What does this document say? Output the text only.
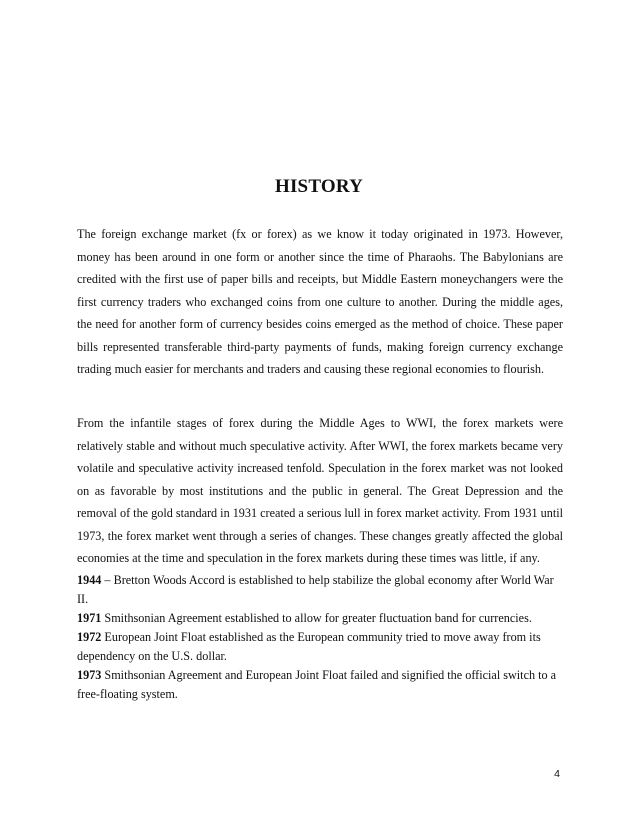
HISTORY

The foreign exchange market (fx or forex) as we know it today originated in 1973. However, money has been around in one form or another since the time of Pharaohs. The Babylonians are credited with the first use of paper bills and receipts, but Middle Eastern moneychangers were the first currency traders who exchanged coins from one culture to another. During the middle ages, the need for another form of currency besides coins emerged as the method of choice. These paper bills represented transferable third-party payments of funds, making foreign currency exchange trading much easier for merchants and traders and causing these regional economies to flourish.

From the infantile stages of forex during the Middle Ages to WWI, the forex markets were relatively stable and without much speculative activity. After WWI, the forex markets became very volatile and speculative activity increased tenfold. Speculation in the forex market was not looked on as favorable by most institutions and the public in general. The Great Depression and the removal of the gold standard in 1931 created a serious lull in forex market activity. From 1931 until 1973, the forex market went through a series of changes. These changes greatly affected the global economies at the time and speculation in the forex markets during these times was little, if any.

1944 – Bretton Woods Accord is established to help stabilize the global economy after World War II.
1971 Smithsonian Agreement established to allow for greater fluctuation band for currencies.
1972 European Joint Float established as the European community tried to move away from its dependency on the U.S. dollar.
1973 Smithsonian Agreement and European Joint Float failed and signified the official switch to a free-floating system.
4
